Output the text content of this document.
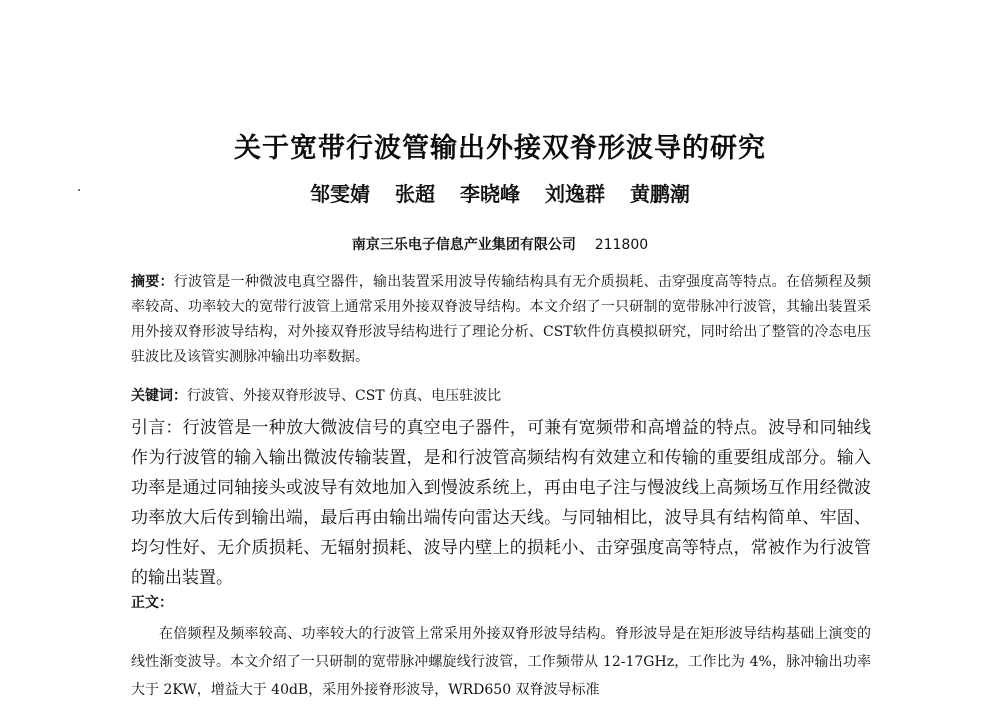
关于宽带行波管输出外接双脊形波导的研究
邹雯婧 张超 李晓峰 刘逸群 黄鹏潮
南京三乐电子信息产业集团有限公司 211800
摘要：行波管是一种微波电真空器件，输出装置采用波导传输结构具有无介质损耗、击穿强度高等特点。在倍频程及频率较高、功率较大的宽带行波管上通常采用外接双脊波导结构。本文介绍了一只研制的宽带脉冲行波管，其输出装置采用外接双脊形波导结构，对外接双脊形波导结构进行了理论分析、CST软件仿真模拟研究，同时给出了整管的冷态电压驻波比及该管实测脉冲输出功率数据。
关键词：行波管、外接双脊形波导、CST 仿真、电压驻波比
引言：行波管是一种放大微波信号的真空电子器件，可兼有宽频带和高增益的特点。波导和同轴线作为行波管的输入输出微波传输装置，是和行波管高频结构有效建立和传输的重要组成部分。输入功率是通过同轴接头或波导有效地加入到慢波系统上，再由电子注与慢波线上高频场互作用经微波功率放大后传到输出端，最后再由输出端传向雷达天线。与同轴相比，波导具有结构简单、牢固、均匀性好、无介质损耗、无辐射损耗、波导内壁上的损耗小、击穿强度高等特点，常被作为行波管的输出装置。
正文：
在倍频程及频率较高、功率较大的行波管上常采用外接双脊形波导结构。脊形波导是在矩形波导结构基础上演变的线性渐变波导。本文介绍了一只研制的宽带脉冲螺旋线行波管，工作频带从 12-17GHz，工作比为 4%，脉冲输出功率大于 2KW，增益大于 40dB，采用外接脊形波导，WRD650 双脊波导标准
